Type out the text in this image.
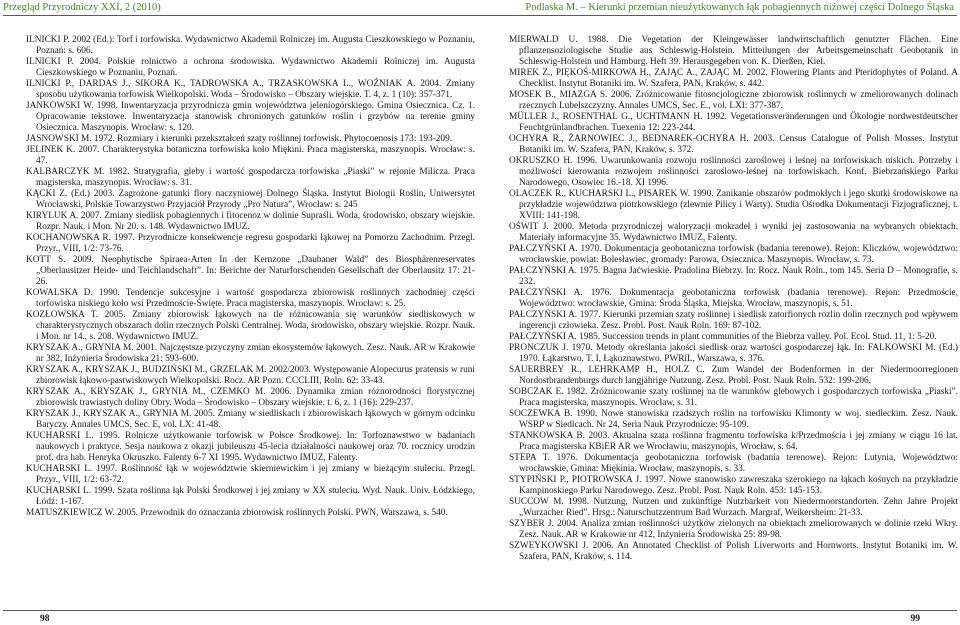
Przegląd Przyrodniczy XXI, 2 (2010)	Podlaska M. – Kierunki przemian nieużytkowanych łąk pobagiennych niżowej części Dolnego Śląska

ILNICKI P. 2002 (Ed.): Torf i torfowiska. Wydawnictwo Akademii Rolniczej im. Augusta Cieszkowskiego w Poznaniu, Poznań: s. 606.

ILNICKI P. 2004. Polskie rolnictwo a ochrona środowiska. Wydawnictwo Akademii Rolniczej im. Augusta Cieszkowskiego w Poznaniu, Poznań.

ILNICKI P., DARDAS J., SIKORA K., TADROWSKA A., TRZASKOWSKA L., WOŹNIAK A. 2004. Zmiany sposobu użytkowania torfowisk Wielkopolski. Woda – Środowisko – Obszary wiejskie. T. 4, z. 1 (10): 357-371.

JANKOWSKI W. 1998. Inwentaryzacja przyrodnicza gmin województwa jeleniogórskiego. Gmina Osiecznica. Cz. 1. Opracowanie tekstowe. Inwentaryzacja stanowisk chronionych gatunków roślin i grzybów na terenie gminy Osiecznica. Maszynopis. Wrocław: s. 120.

JASNOWSKI M. 1972. Rozmiary i kierunki przekształceń szaty roślinnej torfowisk. Phytocoenosis 173: 193-209.

JELINEK K. 2007. Charakterystyka botaniczna torfowiska koło Miękini. Praca magisterska, maszynopis. Wrocław: s. 47.

KALBARCZYK M. 1982. Stratygrafia, gleby i wartość gospodarcza torfowiska „Piaski” w rejonie Milicza. Praca magisterska, maszynopis. Wrocław: s. 31.

KĄCKI Z. (Ed.) 2003. Zagrożone gatunki flory naczyniowej Dolnego Śląska. Instytut Biologii Roślin, Uniwersytet Wrocławski, Polskie Towarzystwo Przyjaciół Przyrody „Pro Natura”, Wrocław: s. 245

KIRYLUK A. 2007. Zmiany siedlisk pobagiennych i fitocenoz w dolinie Supraśli. Woda, środowisko, obszary wiejskie. Rozpr. Nauk. i Mon. Nr 20. s. 148. Wydawnictwo IMUZ.

KOCHANOWSKA R. 1997. Przyrodnicze konsekwencje regresu gospodarki łąkowej na Pomorzu Zachodnim. Przegl. Przyr., VIII, 1/2: 73-76.

KOTT S. 2009. Neophytische Spiraea-Arten In der Kernzone „Daubaner Wald” des Biosphärenreservates „Oberlausitzer Heide- und Teichlandschaft”. In: Berichte der Naturforschenden Gesellschaft der Oberlausitz 17: 21-26.

KOWALSKA D. 1990. Tendencje sukcesyjne i wartość gospodarcza zbiorowisk roślinnych zachodniej części torfowiska niskiego koło wsi Przedmoście-Święte. Praca magisterska, maszynopis. Wrocław: s. 25.

KOZŁOWSKA T. 2005. Zmiany zbiorowisk łąkowych na tle różnicowania się warunków siedliskowych w charakterystycznych obszarach dolin rzecznych Polski Centralnej. Woda, środowisko, obszary wiejskie. Rozpr. Nauk. i Mon. nr 14., s. 208. Wydawnictwo IMUZ.

KRYSZAK A., GRYNIA M. 2001. Najczęstsze przyczyny zmian ekosystemów łąkowych. Zesz. Nauk. AR w Krakowie nr 382, Inżynieria Środowiska 21: 593-600.

KRYSZAK A., KRYSZAK J., BUDZIŃSKI M., GRZELAK M. 2002/2003. Występowanie Alopecurus pratensis w runi zbiorowisk łąkowo-pastwiskowych Wielkopolski. Rocz. AR Pozn. CCCLIII, Roln. 62: 33-43.

KRYSZAK A., KRYSZAK J., GRYNIA M., CZEMKO M. 2006. Dynamika zmian różnorodności florystycznej zbiorowisk trawiastych doliny Obry. Woda – Środowisko – Obszary wiejskie. t. 6, z. 1 (16): 229-237.

KRYSZAK J., KRYSZAK A., GRYNIA M. 2005. Zmiany w siedliskach i zbiorowiskach łąkowych w górnym odcinku Baryczy. Annales UMCS, Sec. E, vol. LX: 41-48.

KUCHARSKI L. 1995. Rolnicze użytkowanie torfowisk w Polsce Środkowej. In: Torfoznawstwo w badaniach naukowych i praktyce. Sesja naukowa z okazji jubileuszu 45-lecia działalności naukowej oraz 70. rocznicy urodzin prof. dra hab. Henryka Okruszko. Falenty 6-7 XI 1995. Wydawnictwo IMUZ, Falenty.

KUCHARSKI L. 1997. Roślinność łąk w województwie skierniewickim i jej zmiany w bieżącym stuleciu. Przegl. Przyr., VIII, 1/2: 63-72.

KUCHARSKI L. 1999. Szata roślinna łąk Polski Środkowej i jej zmiany w XX stuleciu. Wyd. Nauk. Univ. Łódzkiego, Łódź: 1-167.

MATUSZKIEWICZ W. 2005. Przewodnik do oznaczania zbiorowisk roślinnych Polski. PWN, Warszawa, s. 540.

MIERWALD U. 1988. Die Vegetation der Kleingewässer landwirtschaftlich genutzter Flächen. Eine pflanzensoziologische Studie aus Schleswig-Holstein. Mitteilungen der Arbeitsgemeinschaft Geobotanik in Schleswig-Holstein und Hamburg. Heft 39. Herausgegeben von. K. Dierßen, Kiel.

MIREK Z., PIĘKOŚ-MIRKOWA H., ZAJĄC A., ZAJĄC M. 2002. Flowering Plants and Pteridophytes of Poland. A Checklist. Instytut Botaniki im. W. Szafera, PAN, Kraków, s. 442.

MOSEK B., MIAZGA S. 2006. Zróżnicowanie fitosocjologiczne zbiorowisk roślinnych w zmeliorowanych dolinach rzecznych Lubelszczyzny. Annales UMCS, Sec. E., vol. LXI: 377-387.

MÜLLER J., ROSENTHAL G., UCHTMANN H. 1992. Vegetationsveränderungen und Ökologie nordwestdeutscher Feuchtgrünlandbrachen. Tuexenia 12: 223-244.

OCHYRA R., ŻARNOWIEC J., BEDNAREK-OCHYRA H. 2003. Census Catalogue of Polish Mosses. Instytut Botaniki im. W. Szafera, PAN, Kraków, s. 372.

OKRUSZKO H. 1996. Uwarunkowania rozwoju roślinności zaroślowej i leśnej na torfowiskach niskich. Potrzeby i możliwości kierowania rozwojem roślinności zaroślowo-leśnej na torfowiskach. Konf. Biebrzańskiego Parku Narodowego, Osowiec 16.-18. XI 1996.

OLACZEK R., KUCHARSKI L., PISAREK W. 1990. Zanikanie obszarów podmokłych i jego skutki środowiskowe na przykładzie województwa piotrkowskiego (zlewnie Pilicy i Warty). Studia Ośrodka Dokumentacji Fizjograficznej, t. XVIII: 141-198.

OŚWIT J. 2000. Metoda przyrodniczej waloryzacji mokradeł i wyniki jej zastosowania na wybranych obiektach. Materiały informacyjne 35. Wydawnictwo IMUZ, Falenty.

PAŁCZYŃSKI A. 1970. Dokumentacja geobotaniczna torfowisk (badania terenowe). Rejon: Kliczków, województwo: wrocławskie, powiat: Bolesławiec, gromady: Parowa, Osiecznica. Maszynopis. Wrocław, s. 73.

PAŁCZYŃSKI A. 1975. Bagna Jaćwieskie. Pradolina Biebrzy. In: Rocz. Nauk Roln., tom 145. Seria D – Monografie, s. 232.

PAŁCZYŃSKI A. 1976. Dokumentacja geobotaniczna torfowisk (badania terenowe). Rejon: Przedmoście, Województwo: wrocławskie, Gmina: Środa Śląska, Miejska. Wrocław, maszynopis, s. 51.

PAŁCZYŃSKI A. 1977. Kierunki przemian szaty roślinnej i siedlisk zatorfionych rozlin dolin rzecznych pod wpływem ingerencji człowieka. Zesz. Probl. Post. Nauk Roln. 169: 87-102.

PAŁCZYŃSKI A. 1985. Succession trends in plant communities of the Biebrza valley. Pol. Ecol. Stud. 11, 1: 5-20.

PRONCZUK J. 1970. Metody określania jakości siedlisk oraz wartości gospodarczej łąk. In: FALKOWSKI M. (Ed.) 1970. Łąkarstwo. T. I, Łąkoznawstwo. PWRiL, Warszawa, s. 376.

SAUERBREY R., LEHRKAMP H., HOLZ C. Zum Wandel der Bodenformen in der Niedermoorregionen Nordostbrandenburgs durch langjährige Nutzung. Zesz. Probl. Post. Nauk Roln. 532: 199-206.

SOBCZAK E. 1982. Zróżnicowanie szaty roślinnej na tle warunków glebowych i gospodarczych torfowiska „Piaski”. Praca magisterska, maszynopis. Wrocław, s. 31.

SOCZEWKA B. 1990. Nowe stanowiska rzadszych roślin na torfowisku Klimonty w woj. siedleckim. Zesz. Nauk. WSRP w Siedlcach. Nr 24, Seria Nauk Przyrodnicze: 95-109.

STANKOWSKA B. 2003. Aktualna szata roślinna fragmentu torfowiska k/Przedmościa i jej zmiany w ciągu 16 lat. Praca magisterska KBiER AR we Wrocławiu, maszynopis, Wrocław, s. 64.

STEPA T. 1976. Dokumentacja geobotaniczna torfowisk (badania terenowe). Rejon: Lutynia, Województwo: wrocławskie, Gmina: Miękinia. Wrocław, maszynopis, s. 33.

STYPIŃSKI P., PIOTROWSKA J. 1997. Nowe stanowisko zawreszaka szerokiego na łąkach kośnych na przykładzie Kampinoskiego Parku Narodowego. Zesz. Probl. Post. Nauk Roln. 453: 145-153.

SUCCOW M. 1998. Nutzung, Nutzen und zukünftige Nutzbarkeit von Niedermoorstandorten. Zehn Jahre Projekt „Wurzacher Ried”. Hrsg.: Naturschutzzentrum Bad Wurzach. Margraf, Weikersheim: 21-33.

SZYBER J. 2004. Analiza zmian roślinności użytków zielonych na obiektach zmeliorowanych w dolinie rzeki Wkry. Zesz. Nauk. AR w Krakowie nr 412, Inżynieria Środowiska 25: 89-98.

SZWEYKOWSKI J. 2006. An Annotated Checklist of Polish Liverworts and Hornworts. Instytut Botaniki im. W. Szafera, PAN, Kraków, s. 114.

98	99
